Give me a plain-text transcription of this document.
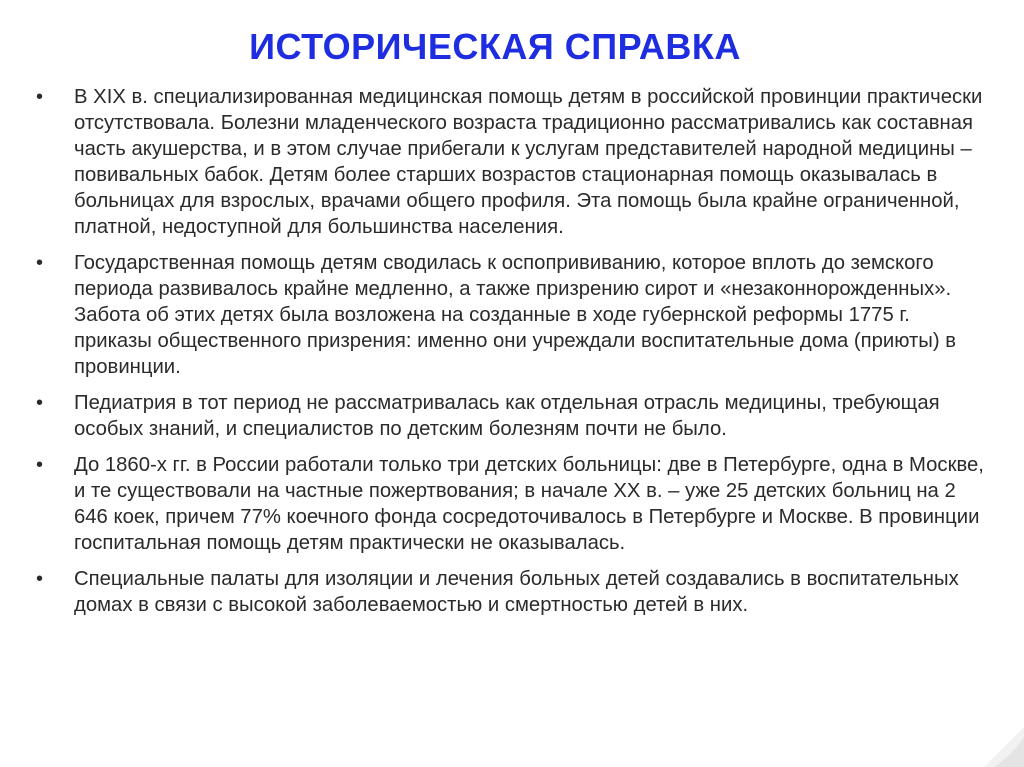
ИСТОРИЧЕСКАЯ СПРАВКА
•	В XIX в. специализированная медицинская помощь детям в российской провинции практически отсутствовала. Болезни младенческого возраста традиционно рассматривались как составная часть акушерства, и в этом случае прибегали к услугам представителей народной медицины – повивальных бабок. Детям более старших возрастов стационарная помощь оказывалась в больницах для взрослых, врачами общего профиля. Эта помощь была крайне ограниченной, платной, недоступной для большинства населения.
•	Государственная помощь детям сводилась к оспопрививанию, которое вплоть до земского периода развивалось крайне медленно, а также призрению сирот и «незаконнорожденных». Забота об этих детях была возложена на созданные в ходе губернской реформы 1775 г. приказы общественного призрения: именно они учреждали воспитательные дома (приюты) в провинции.
•	Педиатрия в тот период не рассматривалась как отдельная отрасль медицины, требующая особых знаний, и специалистов по детским болезням почти не было.
•	До 1860-х гг. в России работали только три детских больницы: две в Петербурге, одна в Москве, и те существовали на частные пожертвования; в начале XX в. – уже 25 детских больниц на 2 646 коек, причем 77% коечного фонда сосредоточивалось в Петербурге и Москве. В провинции госпитальная помощь детям практически не оказывалась.
•	Специальные палаты для изоляции и лечения больных детей создавались в воспитательных домах в связи с высокой заболеваемостью и смертностью детей в них.
